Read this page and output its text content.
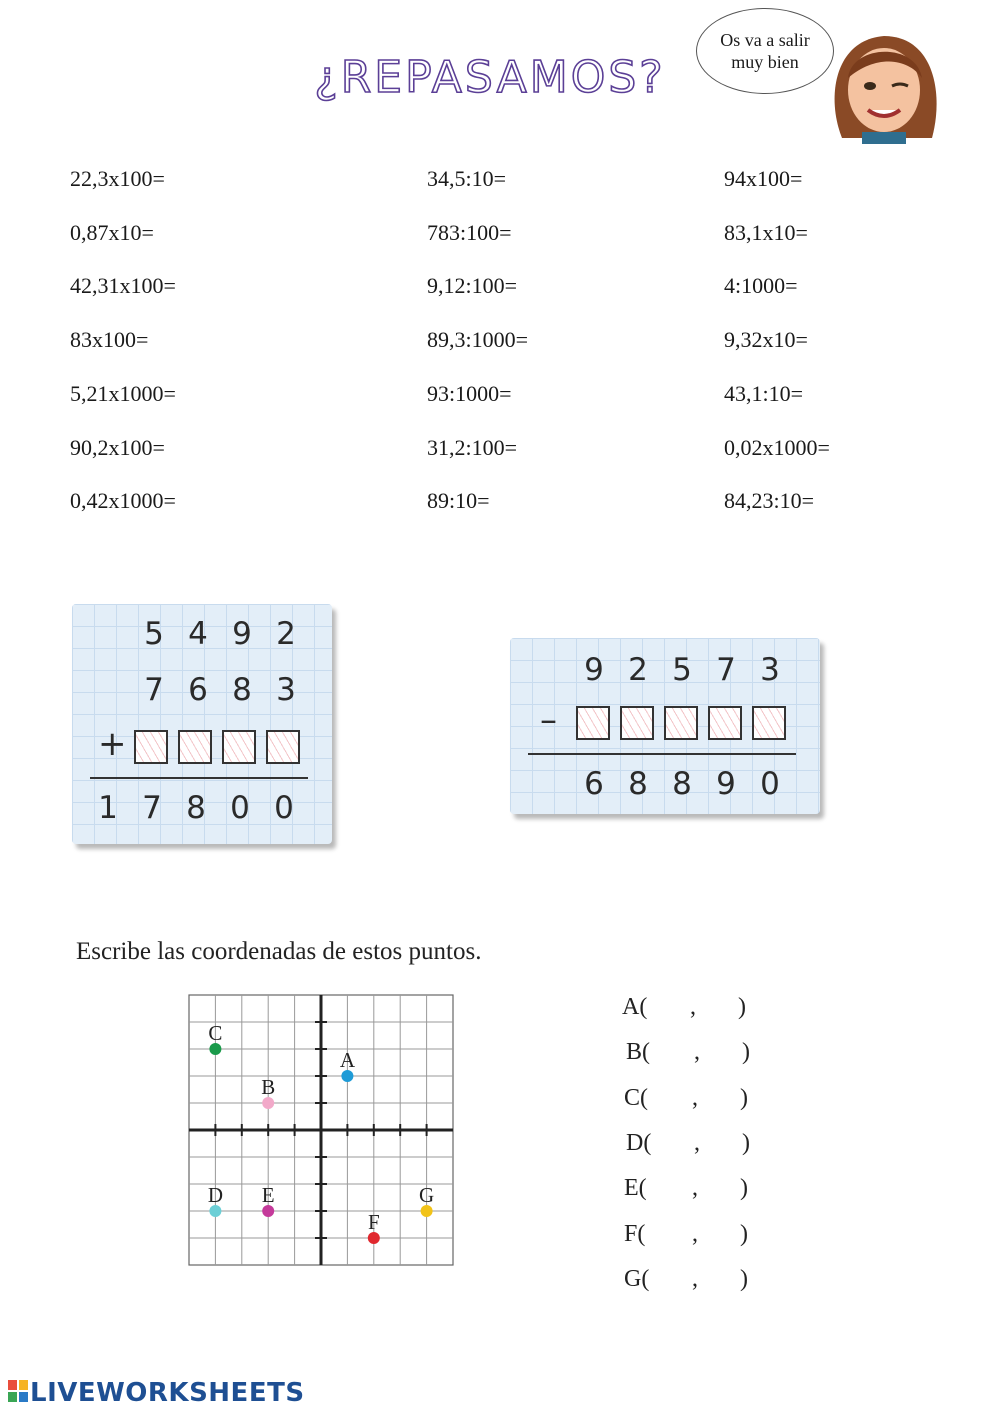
¿REPASAMOS?
Os va a salir
muy bien
22,3x100=
0,87x10=
42,31x100=
83x100=
5,21x1000=
90,2x100=
0,42x1000=
34,5:10=
783:100=
9,12:100=
89,3:1000=
93:1000=
31,2:100=
89:10=
94x100=
83,1x10=
4:1000=
9,32x10=
43,1:10=
0,02x1000=
84,23:10=
5 4 9 2
7 6 8 3
+
1 7 8 0 0
9 2 5 7 3
–
6 8 8 9 0
Escribe las coordenadas de estos puntos.
A
B
C
D E
F
G
A( , )
B( , )
C( , )
D( , )
E( , )
F( , )
G( , )
LIVEWORKSHEETS
